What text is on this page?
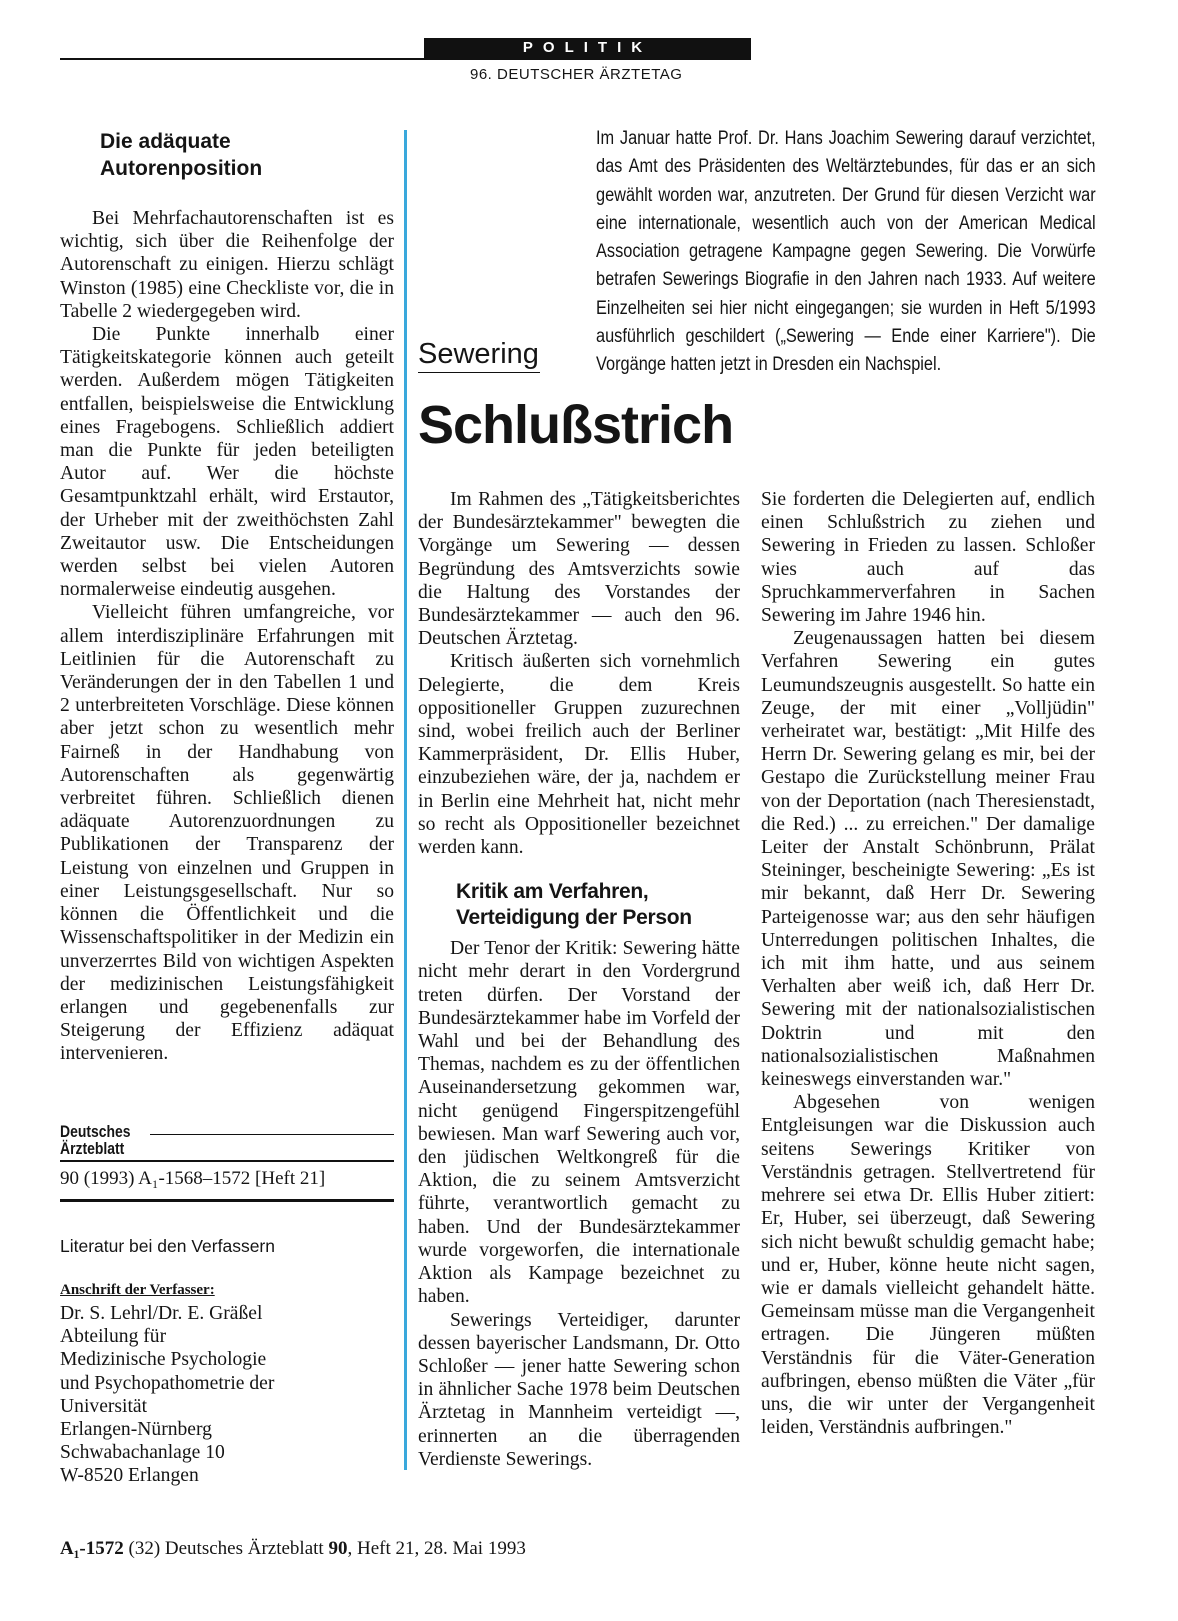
POLITIK
96. DEUTSCHER ÄRZTETAG
Die adäquate
Autorenposition

Bei Mehrfachautorenschaften ist es wichtig, sich über die Reihenfolge der Autorenschaft zu einigen. Hierzu schlägt Winston (1985) eine Checkliste vor, die in Tabelle 2 wiedergegeben wird.

Die Punkte innerhalb einer Tätigkeitskategorie können auch geteilt werden. Außerdem mögen Tätigkeiten entfallen, beispielsweise die Entwicklung eines Fragebogens. Schließlich addiert man die Punkte für jeden beteiligten Autor auf. Wer die höchste Gesamtpunktzahl erhält, wird Erstautor, der Urheber mit der zweithöchsten Zahl Zweitautor usw. Die Entscheidungen werden selbst bei vielen Autoren normalerweise eindeutig ausgehen.

Vielleicht führen umfangreiche, vor allem interdisziplinäre Erfahrungen mit Leitlinien für die Autorenschaft zu Veränderungen der in den Tabellen 1 und 2 unterbreiteten Vorschläge. Diese können aber jetzt schon zu wesentlich mehr Fairneß in der Handhabung von Autorenschaften als gegenwärtig verbreitet führen. Schließlich dienen adäquate Autorenzuordnungen zu Publikationen der Transparenz der Leistung von einzelnen und Gruppen in einer Leistungsgesellschaft. Nur so können die Öffentlichkeit und die Wissenschaftspolitiker in der Medizin ein unverzerrtes Bild von wichtigen Aspekten der medizinischen Leistungsfähigkeit erlangen und gegebenenfalls zur Steigerung der Effizienz adäquat intervenieren.

Deutsches
Ärzteblatt
90 (1993) A₁-1568–1572 [Heft 21]
Literatur bei den Verfassern
Anschrift der Verfasser:
Dr. S. Lehrl/Dr. E. Gräßel
Abteilung für
Medizinische Psychologie
und Psychopathometrie der
Universität
Erlangen-Nürnberg
Schwabachanlage 10
W-8520 Erlangen
Sewering
Im Januar hatte Prof. Dr. Hans Joachim Sewering darauf verzichtet, das Amt des Präsidenten des Weltärztebundes, für das er an sich gewählt worden war, anzutreten. Der Grund für diesen Verzicht war eine internationale, wesentlich auch von der American Medical Association getragene Kampagne gegen Sewering. Die Vorwürfe betrafen Sewerings Biografie in den Jahren nach 1933. Auf weitere Einzelheiten sei hier nicht eingegangen; sie wurden in Heft 5/1993 ausführlich geschildert („Sewering — Ende einer Karriere"). Die Vorgänge hatten jetzt in Dresden ein Nachspiel.
Schlußstrich

Im Rahmen des „Tätigkeitsberichtes der Bundesärztekammer" bewegten die Vorgänge um Sewering — dessen Begründung des Amtsverzichts sowie die Haltung des Vorstandes der Bundesärztekammer — auch den 96. Deutschen Ärztetag.

Kritisch äußerten sich vornehmlich Delegierte, die dem Kreis oppositioneller Gruppen zuzurechnen sind, wobei freilich auch der Berliner Kammerpräsident, Dr. Ellis Huber, einzubeziehen wäre, der ja, nachdem er in Berlin eine Mehrheit hat, nicht mehr so recht als Oppositioneller bezeichnet werden kann.

Kritik am Verfahren, Verteidigung der Person

Der Tenor der Kritik: Sewering hätte nicht mehr derart in den Vordergrund treten dürfen. Der Vorstand der Bundesärztekammer habe im Vorfeld der Wahl und bei der Behandlung des Themas, nachdem es zu der öffentlichen Auseinandersetzung gekommen war, nicht genügend Fingerspitzengefühl bewiesen. Man warf Sewering auch vor, den jüdischen Weltkongreß für die Aktion, die zu seinem Amtsverzicht führte, verantwortlich gemacht zu haben. Und der Bundesärztekammer wurde vorgeworfen, die internationale Aktion als Kampage bezeichnet zu haben.

Sewerings Verteidiger, darunter dessen bayerischer Landsmann, Dr. Otto Schloßer — jener hatte Sewering schon in ähnlicher Sache 1978 beim Deutschen Ärztetag in Mannheim verteidigt —, erinnerten an die überragenden Verdienste Sewerings.

Sie forderten die Delegierten auf, endlich einen Schlußstrich zu ziehen und Sewering in Frieden zu lassen. Schloßer wies auch auf das Spruchkammerverfahren in Sachen Sewering im Jahre 1946 hin.

Zeugenaussagen hatten bei diesem Verfahren Sewering ein gutes Leumundszeugnis ausgestellt. So hatte ein Zeuge, der mit einer „Volljüdin" verheiratet war, bestätigt: „Mit Hilfe des Herrn Dr. Sewering gelang es mir, bei der Gestapo die Zurückstellung meiner Frau von der Deportation (nach Theresienstadt, die Red.) ... zu erreichen." Der damalige Leiter der Anstalt Schönbrunn, Prälat Steininger, bescheinigte Sewering: „Es ist mir bekannt, daß Herr Dr. Sewering Parteigenosse war; aus den sehr häufigen Unterredungen politischen Inhaltes, die ich mit ihm hatte, und aus seinem Verhalten aber weiß ich, daß Herr Dr. Sewering mit der nationalsozialistischen Doktrin und mit den nationalsozialistischen Maßnahmen keineswegs einverstanden war."

Abgesehen von wenigen Entgleisungen war die Diskussion auch seitens Sewerings Kritiker von Verständnis getragen. Stellvertretend für mehrere sei etwa Dr. Ellis Huber zitiert: Er, Huber, sei überzeugt, daß Sewering sich nicht bewußt schuldig gemacht habe; und er, Huber, könne heute nicht sagen, wie er damals vielleicht gehandelt hätte. Gemeinsam müsse man die Vergangenheit ertragen. Die Jüngeren müßten Verständnis für die Väter-Generation aufbringen, ebenso müßten die Väter „für uns, die wir unter der Vergangenheit leiden, Verständnis aufbringen."

A₁-1572 (32) Deutsches Ärzteblatt 90, Heft 21, 28. Mai 1993
